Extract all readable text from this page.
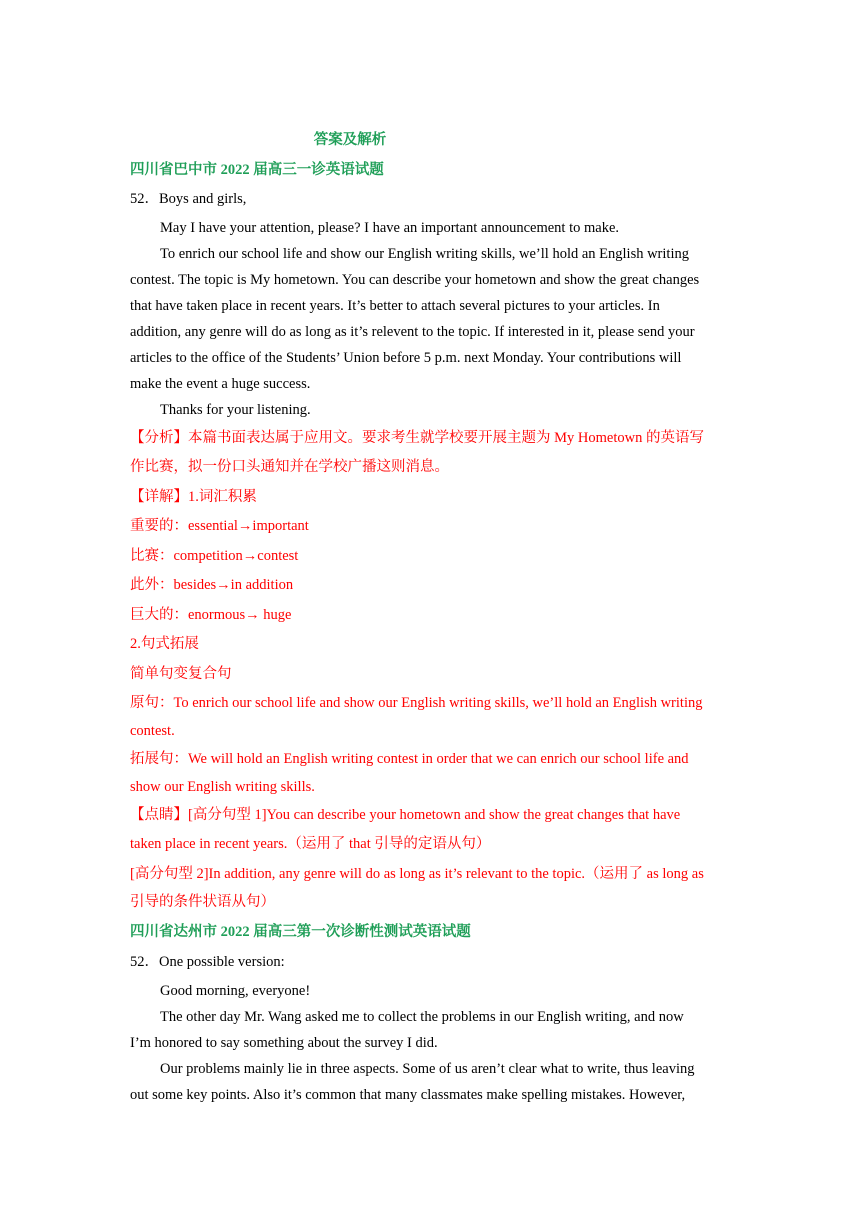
答案及解析
四川省巴中市 2022 届高三一诊英语试题
52．Boys and girls,
May I have your attention, please? I have an important announcement to make.
To enrich our school life and show our English writing skills, we’ll hold an English writing
contest. The topic is My hometown. You can describe your hometown and show the great changes
that have taken place in recent years. It’s better to attach several pictures to your articles. In
addition, any genre will do as long as it’s relevent to the topic. If interested in it, please send your
articles to the office of the Students’ Union before 5 p.m. next Monday. Your contributions will
make the event a huge success.
Thanks for your listening.
【分析】本篇书面表达属于应用文。要求考生就学校要开展主题为 My Hometown 的英语写
作比赛，拟一份口头通知并在学校广播这则消息。
【详解】1.词汇积累
重要的：essential→important
比赛：competition→contest
此外：besides→in addition
巨大的：enormous→ huge
2.句式拓展
简单句变复合句
原句：To enrich our school life and show our English writing skills, we’ll hold an English writing
contest.
拓展句：We will hold an English writing contest in order that we can enrich our school life and
show our English writing skills.
【点睛】[高分句型 1]You can describe your hometown and show the great changes that have
taken place in recent years.（运用了 that 引导的定语从句）
[高分句型 2]In addition, any genre will do as long as it’s relevant to the topic.（运用了 as long as
引导的条件状语从句）
四川省达州市 2022 届高三第一次诊断性测试英语试题
52．One possible version:
Good morning, everyone!
The other day Mr. Wang asked me to collect the problems in our English writing, and now
I’m honored to say something about the survey I did.
Our problems mainly lie in three aspects. Some of us aren’t clear what to write, thus leaving
out some key points. Also it’s common that many classmates make spelling mistakes. However,
